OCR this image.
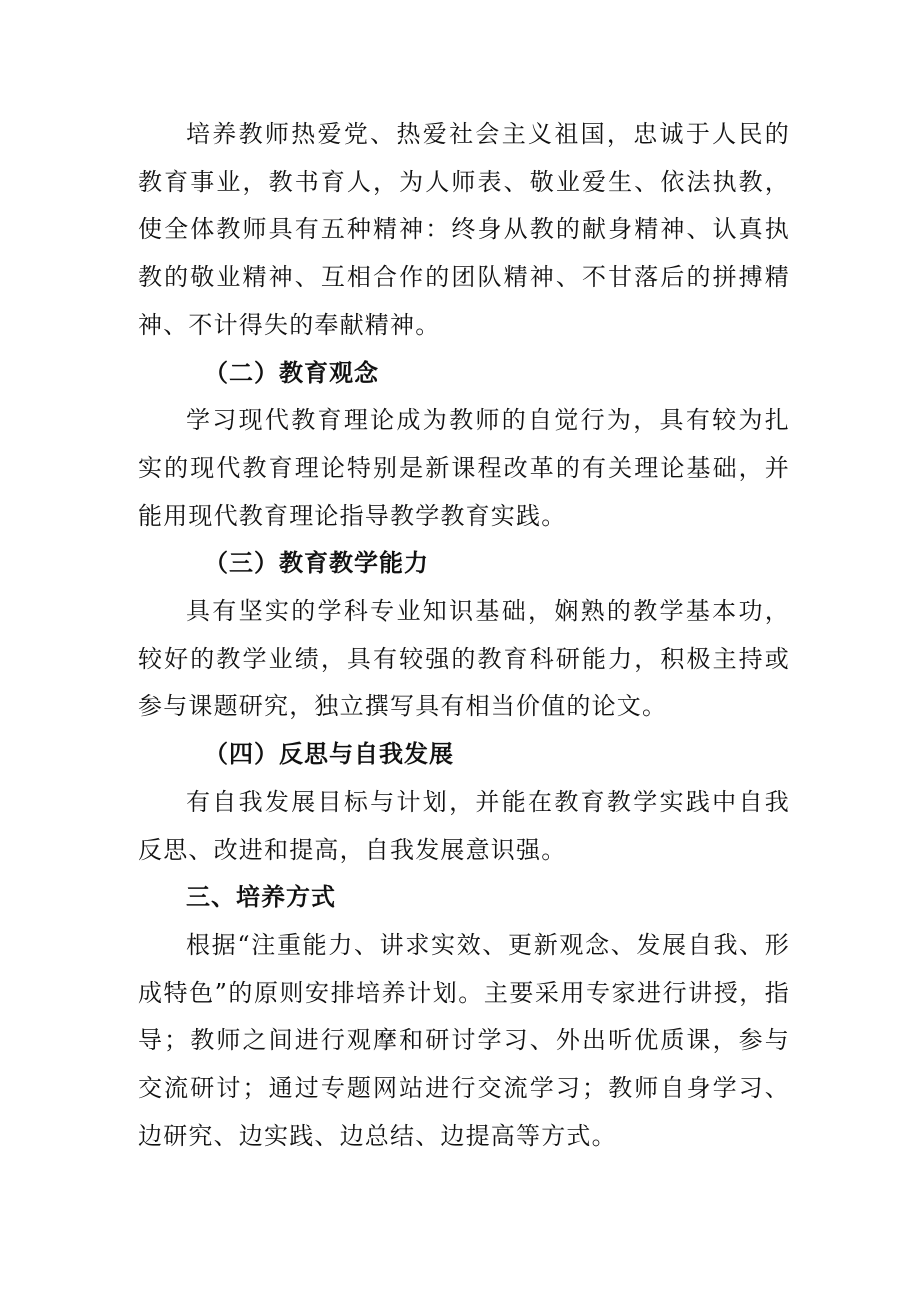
培养教师热爱党、热爱社会主义祖国，忠诚于人民的教育事业，教书育人，为人师表、敬业爱生、依法执教，使全体教师具有五种精神：终身从教的献身精神、认真执教的敬业精神、互相合作的团队精神、不甘落后的拼搏精神、不计得失的奉献精神。

（二）教育观念

学习现代教育理论成为教师的自觉行为，具有较为扎实的现代教育理论特别是新课程改革的有关理论基础，并能用现代教育理论指导教学教育实践。

（三）教育教学能力

具有坚实的学科专业知识基础，娴熟的教学基本功，较好的教学业绩，具有较强的教育科研能力，积极主持或参与课题研究，独立撰写具有相当价值的论文。

（四）反思与自我发展

有自我发展目标与计划，并能在教育教学实践中自我反思、改进和提高，自我发展意识强。

三、培养方式

根据“注重能力、讲求实效、更新观念、发展自我、形成特色”的原则安排培养计划。主要采用专家进行讲授，指导；教师之间进行观摩和研讨学习、外出听优质课，参与交流研讨；通过专题网站进行交流学习；教师自身学习、边研究、边实践、边总结、边提高等方式。
